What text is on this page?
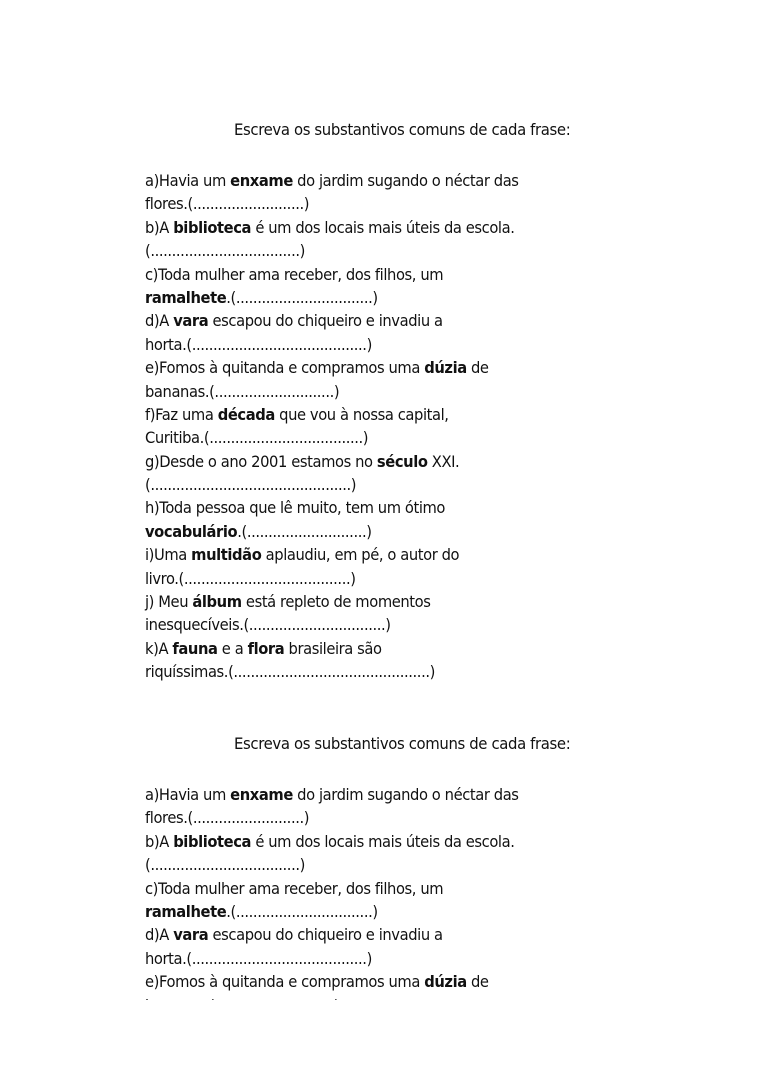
Escreva os substantivos comuns de cada frase:
a)Havia um enxame do jardim sugando o néctar das
flores.(..........................)
b)A biblioteca é um dos locais mais úteis da escola.
(...................................)
c)Toda mulher ama receber, dos filhos, um
ramalhete.(................................)
d)A vara escapou do chiqueiro e invadiu a
horta.(.........................................)
e)Fomos à quitanda e compramos uma dúzia de
bananas.(............................)
f)Faz uma década que vou à nossa capital,
Curitiba.(....................................)
g)Desde o ano 2001 estamos no século XXI.
(...............................................)
h)Toda pessoa que lê muito, tem um ótimo
vocabulário.(............................)
i)Uma multidão aplaudiu, em pé, o autor do
livro.(.......................................)
j) Meu álbum está repleto de momentos
inesquecíveis.(................................)
k)A fauna e a flora brasileira são
riquíssimas.(..............................................)
Escreva os substantivos comuns de cada frase:
a)Havia um enxame do jardim sugando o néctar das
flores.(..........................)
b)A biblioteca é um dos locais mais úteis da escola.
(...................................)
c)Toda mulher ama receber, dos filhos, um
ramalhete.(................................)
d)A vara escapou do chiqueiro e invadiu a
horta.(.........................................)
e)Fomos à quitanda e compramos uma dúzia de
